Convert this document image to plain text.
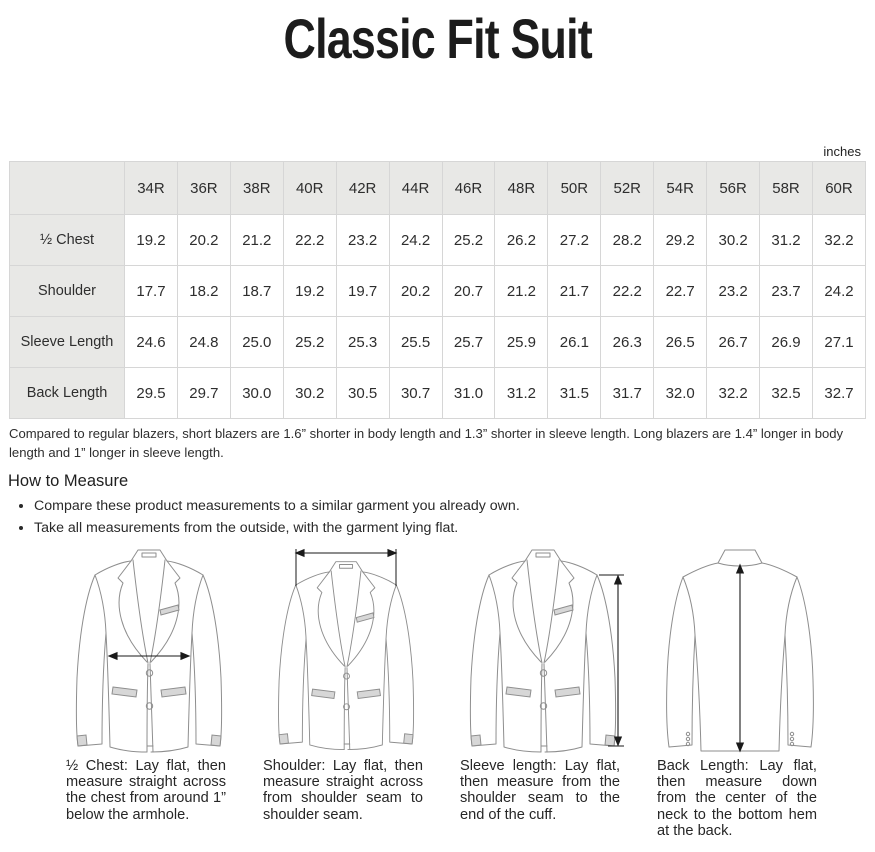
Classic Fit Suit
inches
	34R	36R	38R	40R	42R	44R	46R	48R	50R	52R	54R	56R	58R	60R
½ Chest	19.2	20.2	21.2	22.2	23.2	24.2	25.2	26.2	27.2	28.2	29.2	30.2	31.2	32.2
Shoulder	17.7	18.2	18.7	19.2	19.7	20.2	20.7	21.2	21.7	22.2	22.7	23.2	23.7	24.2
Sleeve Length	24.6	24.8	25.0	25.2	25.3	25.5	25.7	25.9	26.1	26.3	26.5	26.7	26.9	27.1
Back Length	29.5	29.7	30.0	30.2	30.5	30.7	31.0	31.2	31.5	31.7	32.0	32.2	32.5	32.7

Compared to regular blazers, short blazers are 1.6” shorter in body length and 1.3” shorter in sleeve length. Long blazers are 1.4” longer in body length and 1” longer in sleeve length.

How to Measure
• Compare these product measurements to a similar garment you already own.
• Take all measurements from the outside, with the garment lying flat.

½ Chest: Lay flat, then measure straight across the chest from around 1” below the armhole.

Shoulder: Lay flat, then measure straight across from shoulder seam to shoulder seam.

Sleeve length: Lay flat, then measure from the shoulder seam to the end of the cuff.

Back Length: Lay flat, then measure down from the center of the neck to the bottom hem at the back.
